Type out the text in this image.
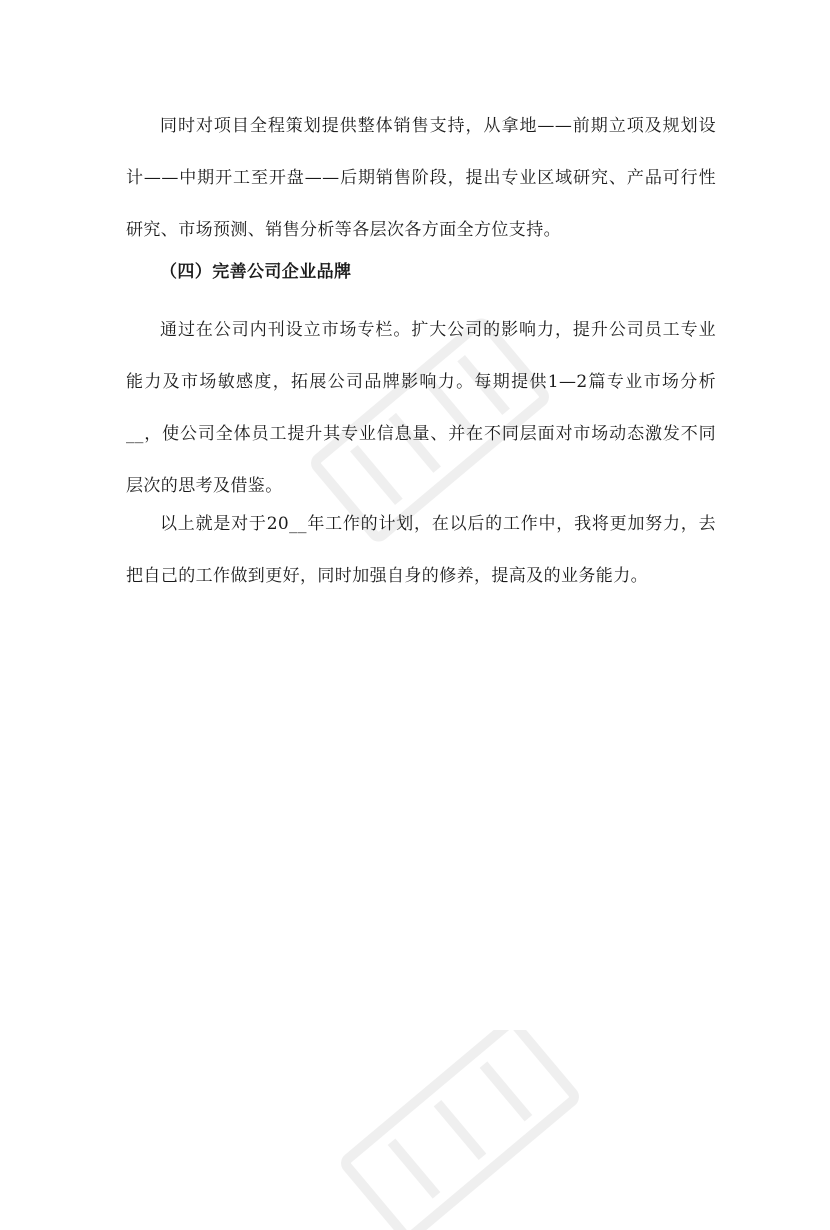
同时对项目全程策划提供整体销售支持，从拿地——前期立项及规划设计——中期开工至开盘——后期销售阶段，提出专业区域研究、产品可行性研究、市场预测、销售分析等各层次各方面全方位支持。

（四）完善公司企业品牌

通过在公司内刊设立市场专栏。扩大公司的影响力，提升公司员工专业能力及市场敏感度，拓展公司品牌影响力。每期提供1—2篇专业市场分析__，使公司全体员工提升其专业信息量、并在不同层面对市场动态激发不同层次的思考及借鉴。

以上就是对于20__年工作的计划，在以后的工作中，我将更加努力，去把自己的工作做到更好，同时加强自身的修养，提高及的业务能力。
